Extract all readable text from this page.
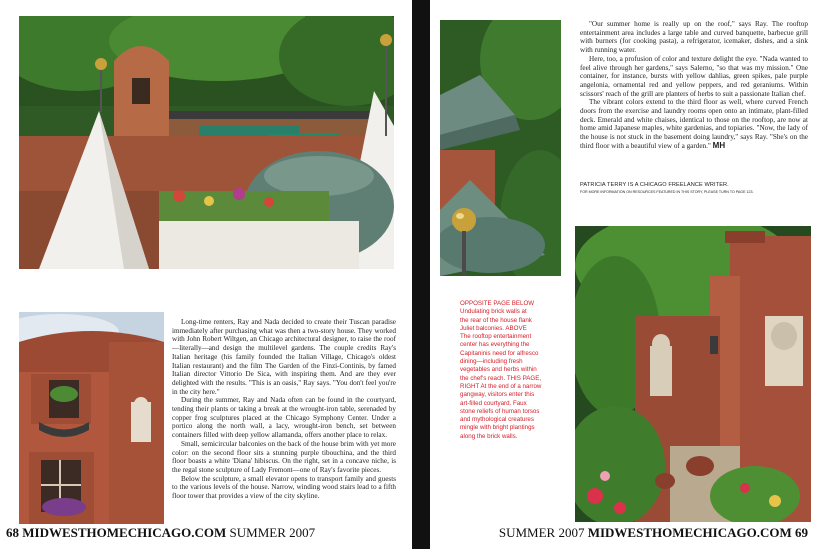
Long-time renters, Ray and Nada decided to create their Tuscan paradise immediately after purchasing what was then a two-story house. They worked with John Robert Wiltgen, an Chicago architectural designer, to raise the roof—literally—and design the multilevel gardens. The couple credits Ray's Italian heritage (his family founded the Italian Village, Chicago's oldest Italian restaurant) and the film The Garden of the Finzi-Continis, by famed Italian director Vittorio De Sica, with inspiring them. And are they ever delighted with the results. "This is an oasis," Ray says. "You don't feel you're in the city here."

During the summer, Ray and Nada often can be found in the courtyard, tending their plants or taking a break at the wrought-iron table, serenaded by copper frog sculptures placed at the Chicago Symphony Center. Under a portico along the north wall, a lacy, wrought-iron bench, set between containers filled with deep yellow allamanda, offers another place to relax.

Small, semicircular balconies on the back of the house brim with yet more color: on the second floor sits a stunning purple tibouchina, and the third floor boasts a white 'Diana' hibiscus. On the right, set in a concave niche, is the regal stone sculpture of Lady Fremont—one of Ray's favorite pieces.

Below the sculpture, a small elevator opens to transport family and guests to the various levels of the house. Narrow, winding wood stairs lead to a fifth floor tower that provides a view of the city skyline.

68 MIDWESTHOMECHICAGO.COM SUMMER 2007

"Our summer home is really up on the roof," says Ray. The rooftop entertainment area includes a large table and curved banquette, barbecue grill with burners (for cooking pasta), a refrigerator, icemaker, dishes, and a sink with running water.

Here, too, a profusion of color and texture delight the eye. "Nada wanted to feel alive through her gardens," says Salerno, "so that was my mission." One container, for instance, bursts with yellow dahlias, green spikes, pale purple angelonia, ornamental red and yellow peppers, and red geraniums. Within scissors' reach of the grill are planters of herbs to suit a passionate Italian chef.

The vibrant colors extend to the third floor as well, where curved French doors from the exercise and laundry rooms open onto an intimate, plant-filled deck. Emerald and white chaises, identical to those on the rooftop, are now at home amid Japanese maples, white gardenias, and topiaries. "Now, the lady of the house is not stuck in the basement doing laundry," says Ray. "She's on the third floor with a beautiful view of a garden." MH

PATRICIA TERRY IS A CHICAGO FREELANCE WRITER.
FOR MORE INFORMATION ON RESOURCES FEATURED IN THIS STORY, PLEASE TURN TO PAGE 123.

OPPOSITE PAGE BELOW

Undulating brick walls at

the rear of the house flank

Juliet balconies. ABOVE

The rooftop entertainment

center has everything the

Capitaninis need for alfresco

dining—including fresh

vegetables and herbs within

the chef's reach. THIS PAGE,

RIGHT At the end of a narrow

gangway, visitors enter this

art-filled courtyard. Faux

stone reliefs of human torsos

and mythological creatures

mingle with bright plantings

along the brick walls.

SUMMER 2007 MIDWESTHOMECHICAGO.COM 69
